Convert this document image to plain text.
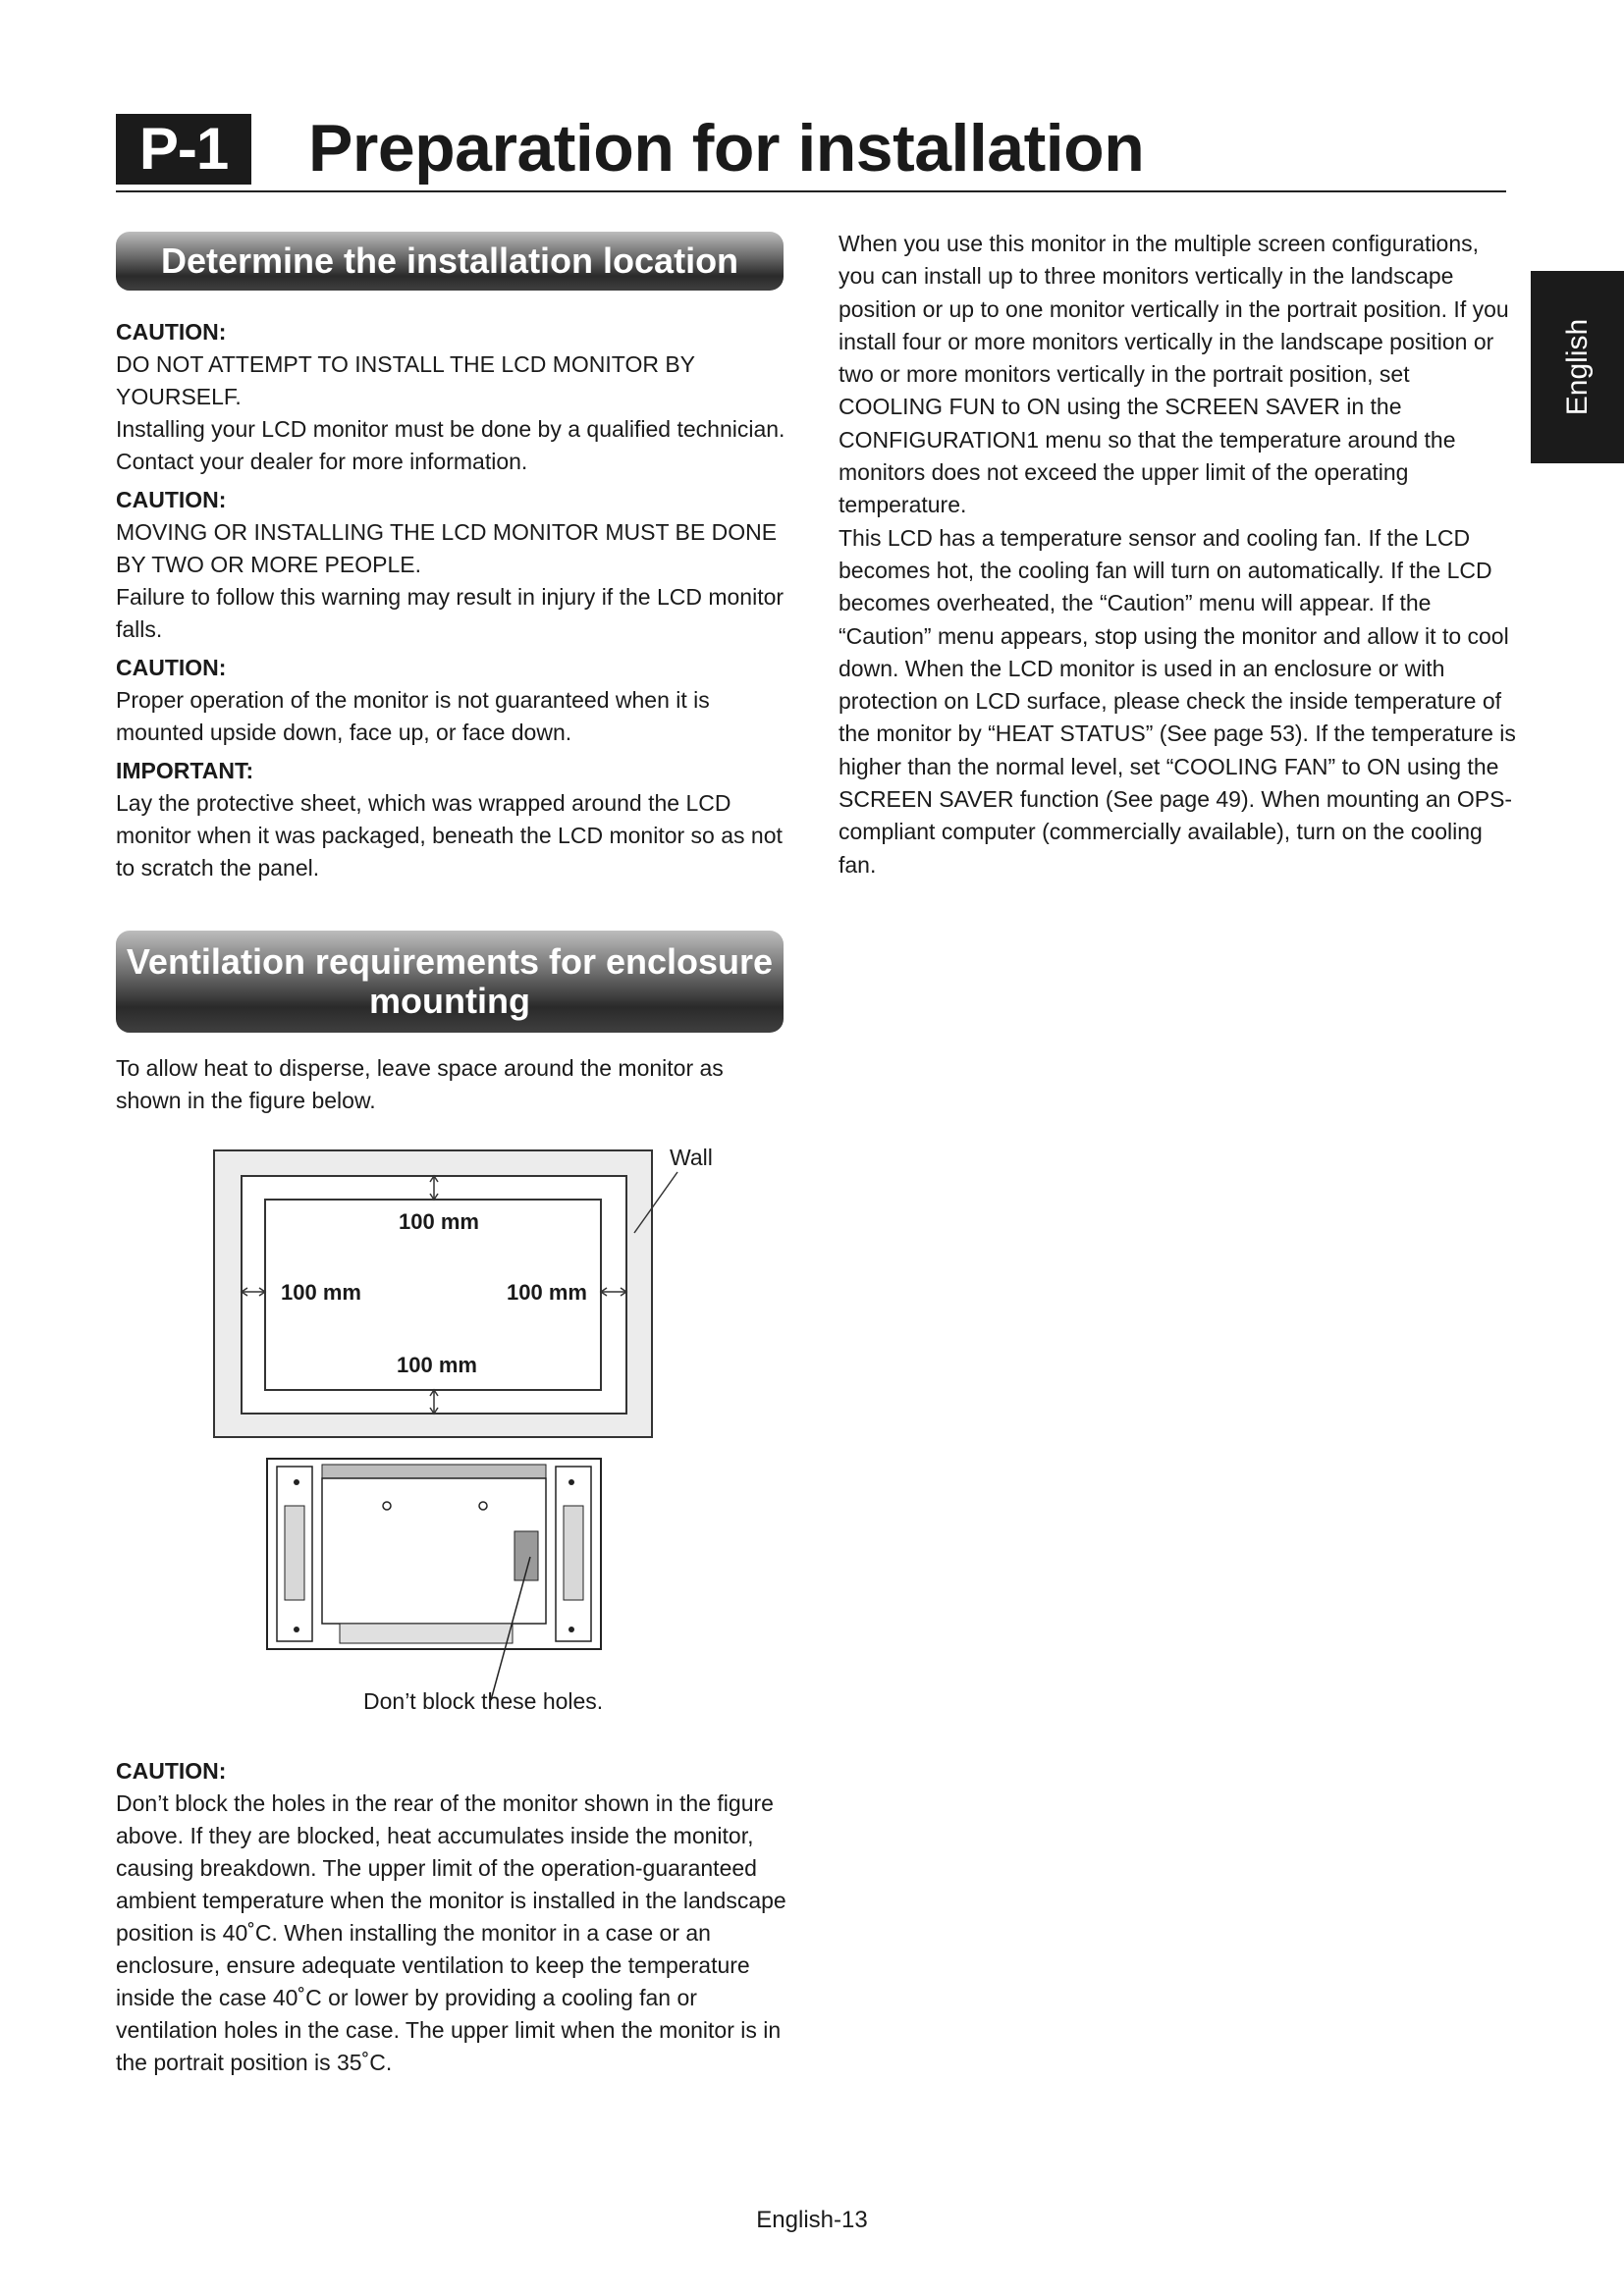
P-1	Preparation for installation
English
Determine the installation location

CAUTION:

DO NOT ATTEMPT TO INSTALL THE LCD MONITOR BY YOURSELF.

Installing your LCD monitor must be done by a qualified technician. Contact your dealer for more information.

CAUTION:

MOVING OR INSTALLING THE LCD MONITOR MUST BE DONE BY TWO OR MORE PEOPLE.

Failure to follow this warning may result in injury if the LCD monitor falls.

CAUTION:

Proper operation of the monitor is not guaranteed when it is mounted upside down, face up, or face down.

IMPORTANT:

Lay the protective sheet, which was wrapped around the LCD monitor when it was packaged, beneath the LCD monitor so as not to scratch the panel.

Ventilation requirements for enclosure mounting
To allow heat to disperse, leave space around the monitor as shown in the figure below.
Wall
100 mm
100 mm	100 mm
100 mm
Don’t block these holes.

CAUTION:

Don’t block the holes in the rear of the monitor shown in the figure above. If they are blocked, heat accumulates inside the monitor, causing breakdown. The upper limit of the operation-guaranteed ambient temperature when the monitor is installed in the landscape position is 40˚C. When installing the monitor in a case or an enclosure, ensure adequate ventilation to keep the temperature inside the case 40˚C or lower by providing a cooling fan or ventilation holes in the case. The upper limit when the monitor is in the portrait position is 35˚C.

When you use this monitor in the multiple screen configurations, you can install up to three monitors vertically in the landscape position or up to one monitor vertically in the portrait position. If you install four or more monitors vertically in the landscape position or two or more monitors vertically in the portrait position, set COOLING FUN to ON using the SCREEN SAVER in the CONFIGURATION1 menu so that the temperature around the monitors does not exceed the upper limit of the operating temperature.

This LCD has a temperature sensor and cooling fan. If the LCD becomes hot, the cooling fan will turn on automatically. If the LCD becomes overheated, the “Caution” menu will appear. If the “Caution” menu appears, stop using the monitor and allow it to cool down. When the LCD monitor is used in an enclosure or with protection on LCD surface, please check the inside temperature of the monitor by “HEAT STATUS” (See page 53). If the temperature is higher than the normal level, set “COOLING FAN” to ON using the SCREEN SAVER function (See page 49). When mounting an OPS-compliant computer (commercially available), turn on the cooling fan.

English-13
